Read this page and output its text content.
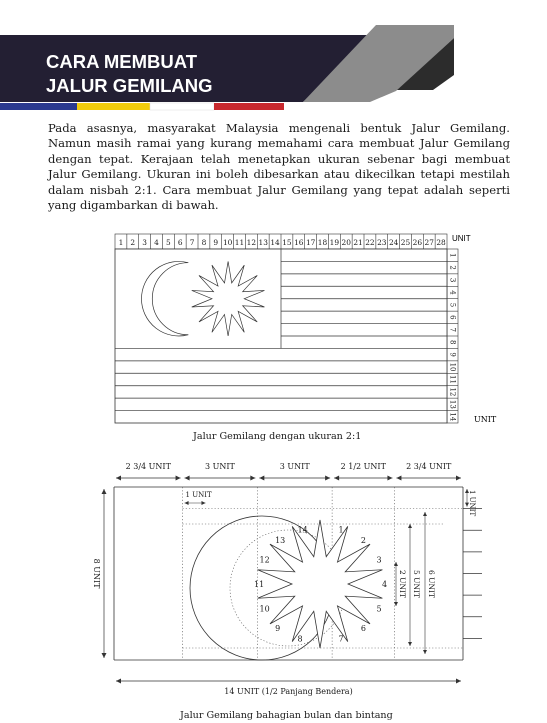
CARA MEMBUAT
JALUR GEMILANG

Pada asasnya, masyarakat Malaysia mengenali bentuk Jalur Gemilang. Namun masih ramai yang kurang memahami cara membuat Jalur Gemilang dengan tepat. Kerajaan telah menetapkan ukuran sebenar bagi membuat Jalur Gemilang. Ukuran ini boleh dibesarkan atau dikecilkan tetapi mestilah dalam nisbah 2:1. Cara membuat Jalur Gemilang yang tepat adalah seperti yang digambarkan di bawah.

1 2 3 4 5 6 7 8 9 10 11 12 13 14 15 16 17 18 19 20 21 22 23 24 25 26 27 28
1
2
3
4
5
6
7
8
9
10
11
12
13
14
UNIT
UNIT
Jalur Gemilang dengan ukuran 2:1
2 3/4 UNIT	3 UNIT	3 UNIT	2 1/2 UNIT	2 3/4 UNIT
1 UNIT	1 UNIT
8 UNIT
14 UNIT (1/2 Panjang Bendera)
1
2
3
4
5
6
7
8
9
10
11
12
13
14
2 UNIT 5 UNIT 6 UNIT
Jalur Gemilang bahagian bulan dan bintang
